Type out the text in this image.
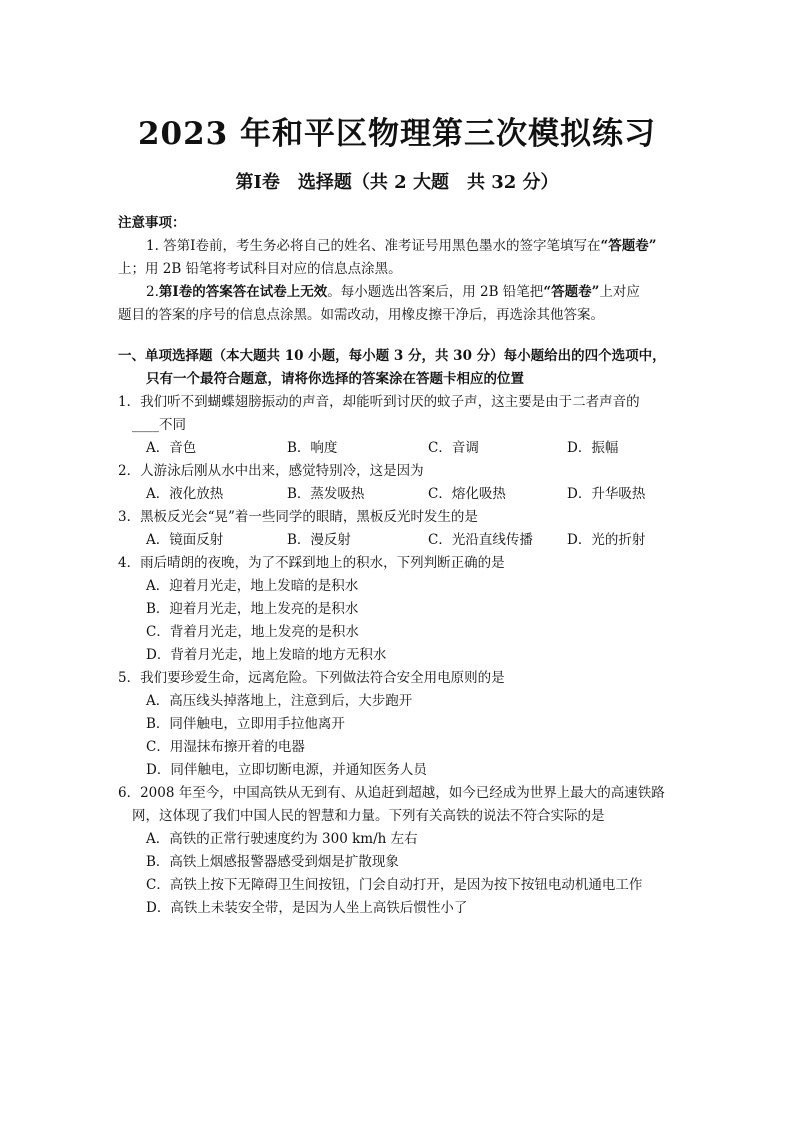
2023 年和平区物理第三次模拟练习
第Ⅰ卷　选择题（共 2 大题　共 32 分）
注意事项：
1. 答第Ⅰ卷前，考生务必将自己的姓名、准考证号用黑色墨水的签字笔填写在“答题卷”
上；用 2B 铅笔将考试科目对应的信息点涂黑。
2.第Ⅰ卷的答案答在试卷上无效。每小题选出答案后，用 2B 铅笔把“答题卷”上对应
题目的答案的序号的信息点涂黑。如需改动，用橡皮擦干净后，再选涂其他答案。
一、单项选择题（本大题共 10 小题，每小题 3 分，共 30 分）每小题给出的四个选项中，
只有一个最符合题意，请将你选择的答案涂在答题卡相应的位置
1．我们听不到蝴蝶翅膀振动的声音，却能听到讨厌的蚊子声，这主要是由于二者声音的
____不同
A．音色	B．响度	C．音调	D．振幅
2．人游泳后刚从水中出来，感觉特别冷，这是因为
A．液化放热	B．蒸发吸热	C．熔化吸热	D．升华吸热
3．黑板反光会“晃”着一些同学的眼睛，黑板反光时发生的是
A．镜面反射	B．漫反射	C．光沿直线传播	D．光的折射
4．雨后晴朗的夜晚，为了不踩到地上的积水，下列判断正确的是
A．迎着月光走，地上发暗的是积水
B．迎着月光走，地上发亮的是积水
C．背着月光走，地上发亮的是积水
D．背着月光走，地上发暗的地方无积水
5．我们要珍爱生命，远离危险。下列做法符合安全用电原则的是
A．高压线头掉落地上，注意到后，大步跑开
B．同伴触电，立即用手拉他离开
C．用湿抹布擦开着的电器
D．同伴触电，立即切断电源，并通知医务人员
6．2008 年至今，中国高铁从无到有、从追赶到超越，如今已经成为世界上最大的高速铁路
网，这体现了我们中国人民的智慧和力量。下列有关高铁的说法不符合实际的是
A．高铁的正常行驶速度约为 300 km/h 左右
B．高铁上烟感报警器感受到烟是扩散现象
C．高铁上按下无障碍卫生间按钮，门会自动打开，是因为按下按钮电动机通电工作
D．高铁上未装安全带，是因为人坐上高铁后惯性小了
